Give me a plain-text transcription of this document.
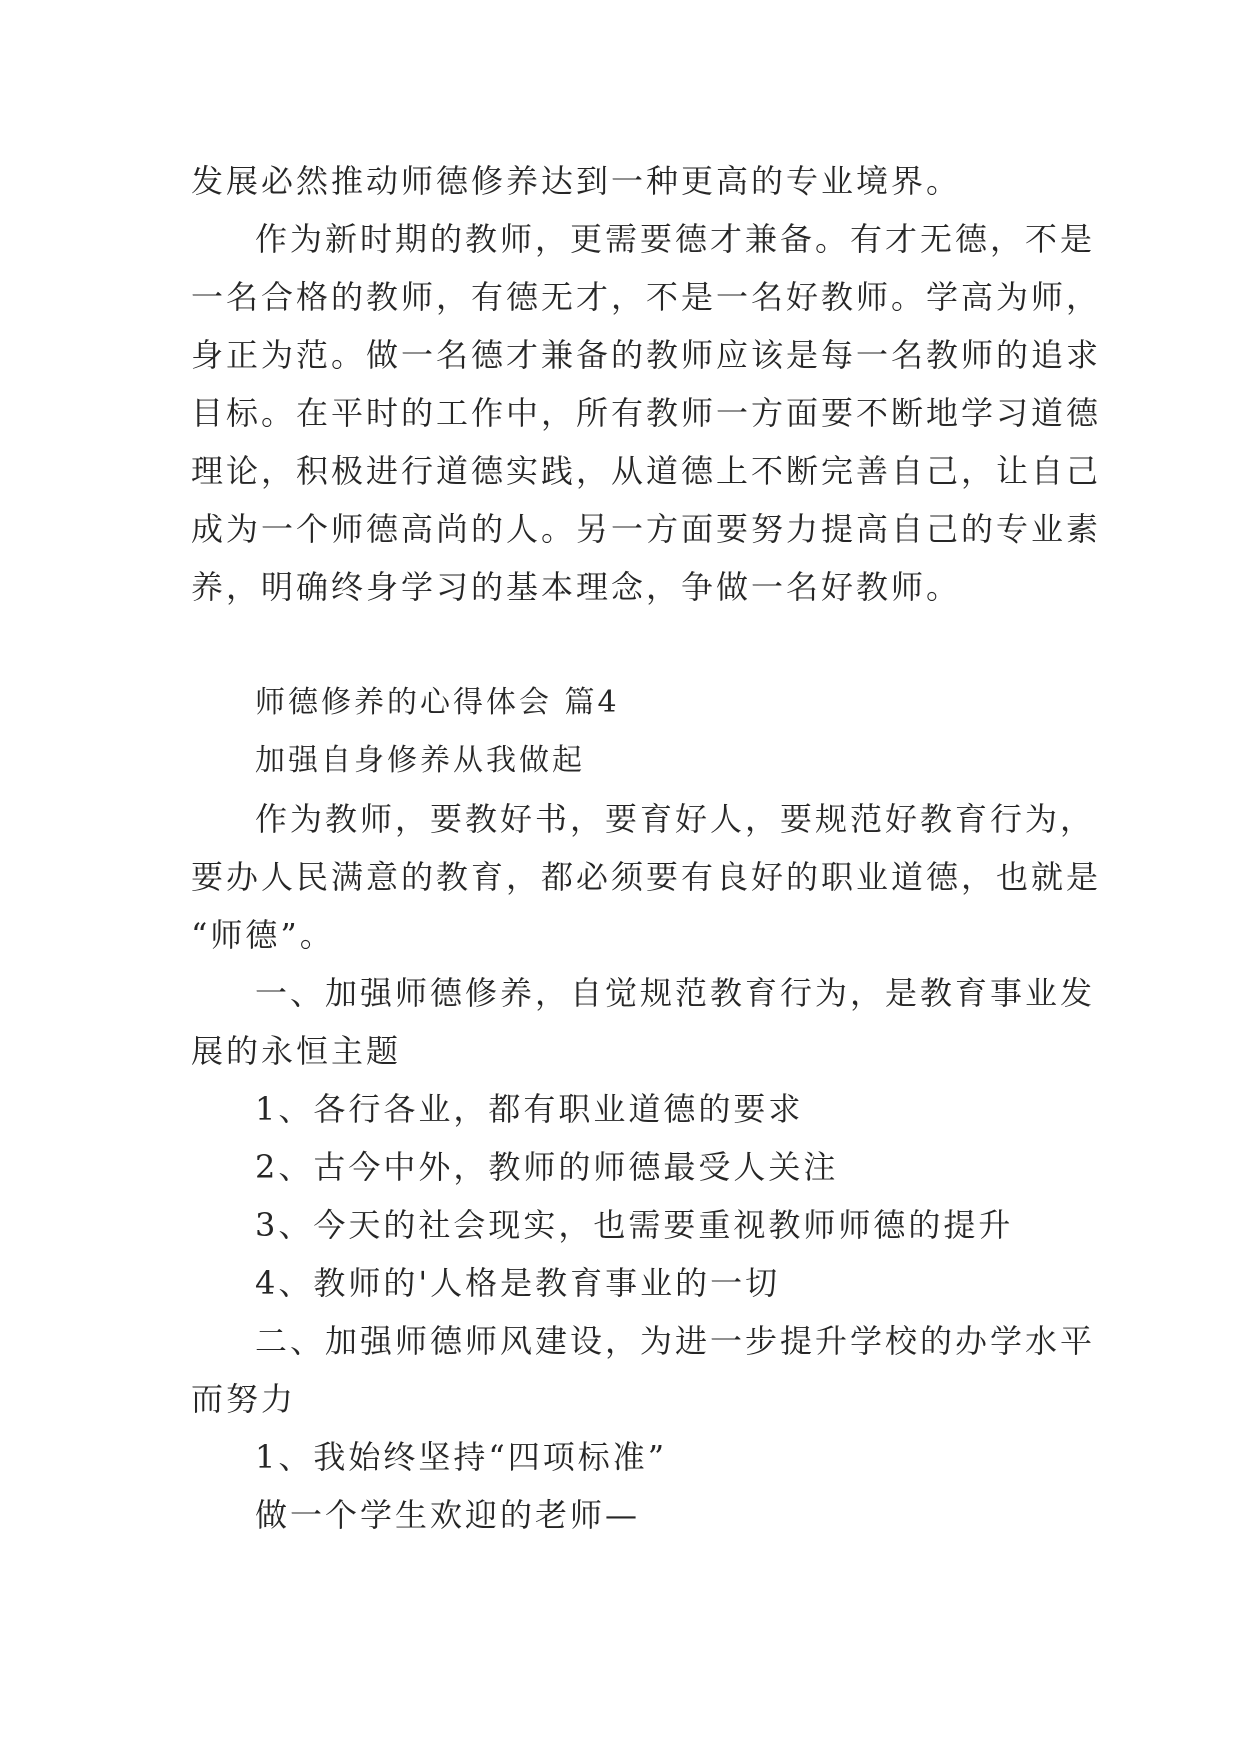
发展必然推动师德修养达到一种更高的专业境界。

作为新时期的教师，更需要德才兼备。有才无德，不是

一名合格的教师，有德无才，不是一名好教师。学高为师，

身正为范。做一名德才兼备的教师应该是每一名教师的追求

目标。在平时的工作中，所有教师一方面要不断地学习道德

理论，积极进行道德实践，从道德上不断完善自己，让自己

成为一个师德高尚的人。另一方面要努力提高自己的专业素

养，明确终身学习的基本理念，争做一名好教师。

师德修养的心得体会 篇4

加强自身修养从我做起

作为教师，要教好书，要育好人，要规范好教育行为，

要办人民满意的教育，都必须要有良好的职业道德，也就是

“师德”。

一、加强师德修养，自觉规范教育行为，是教育事业发

展的永恒主题

1、各行各业，都有职业道德的要求

2、古今中外，教师的师德最受人关注

3、今天的社会现实，也需要重视教师师德的提升

4、教师的'人格是教育事业的一切

二、加强师德师风建设，为进一步提升学校的办学水平

而努力

1、我始终坚持“四项标准”

做一个学生欢迎的老师—
